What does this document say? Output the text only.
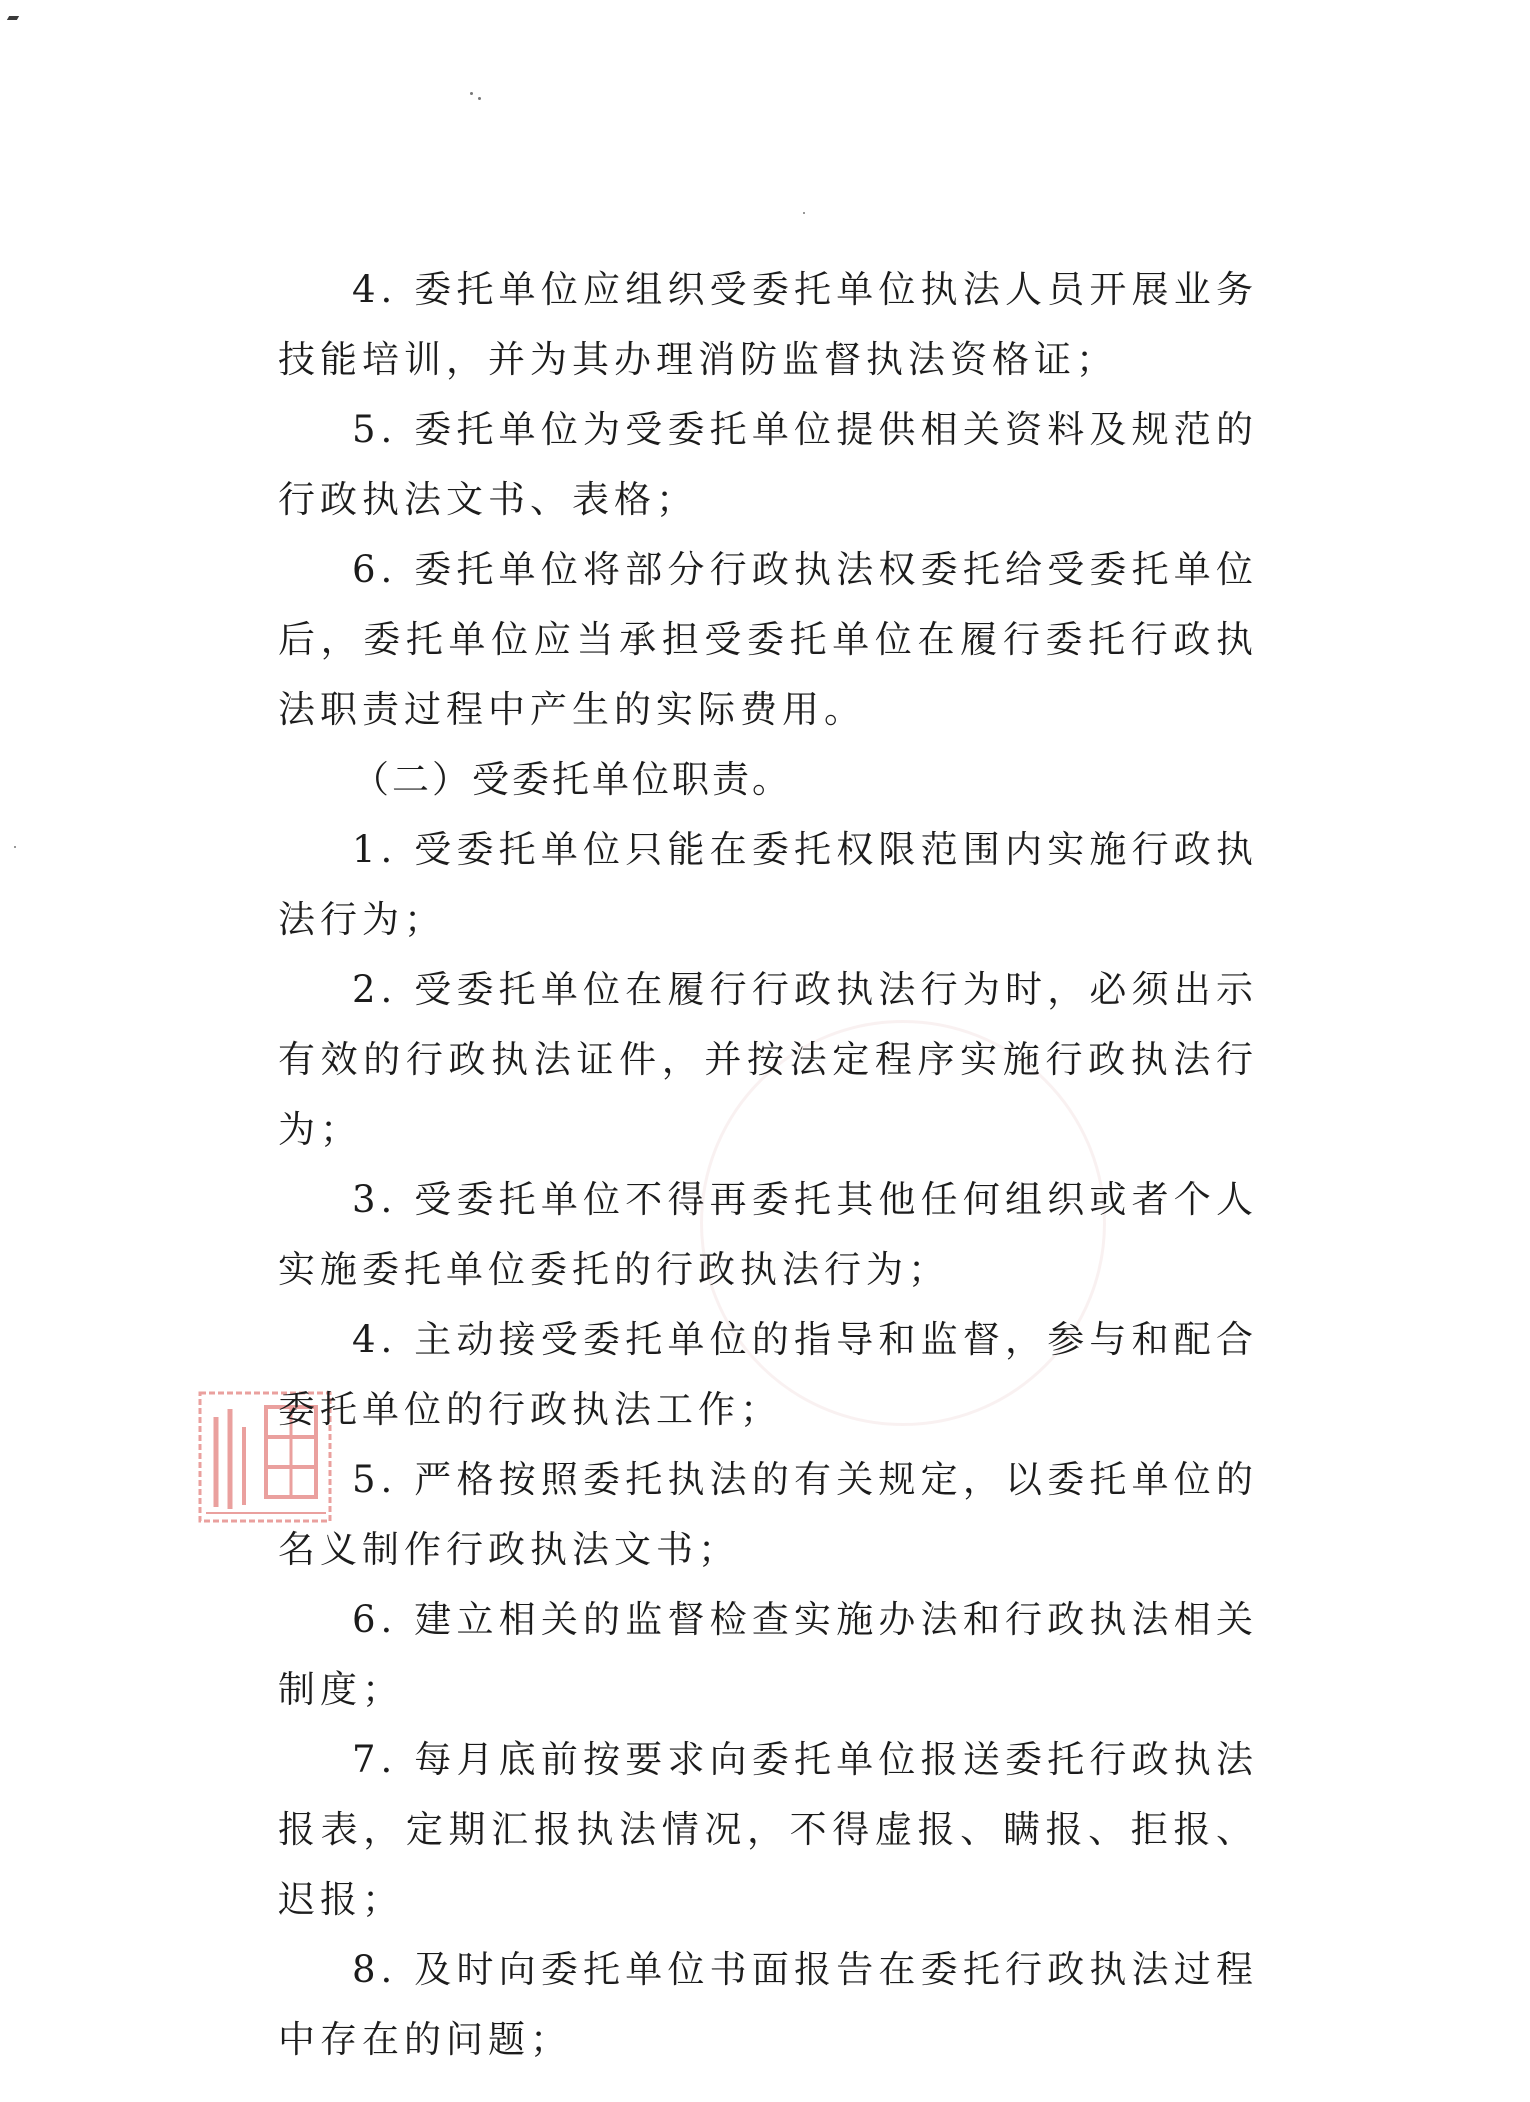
4. 委托单位应组织受委托单位执法人员开展业务技能培训，并为其办理消防监督执法资格证；

5. 委托单位为受委托单位提供相关资料及规范的行政执法文书、表格；

6. 委托单位将部分行政执法权委托给受委托单位后，委托单位应当承担受委托单位在履行委托行政执法职责过程中产生的实际费用。

（二）受委托单位职责。

1. 受委托单位只能在委托权限范围内实施行政执法行为；

2. 受委托单位在履行行政执法行为时，必须出示有效的行政执法证件，并按法定程序实施行政执法行为；

3. 受委托单位不得再委托其他任何组织或者个人实施委托单位委托的行政执法行为；

4. 主动接受委托单位的指导和监督，参与和配合委托单位的行政执法工作；

5. 严格按照委托执法的有关规定，以委托单位的名义制作行政执法文书；

6. 建立相关的监督检查实施办法和行政执法相关制度；

7. 每月底前按要求向委托单位报送委托行政执法报表，定期汇报执法情况，不得虚报、瞒报、拒报、迟报；

8. 及时向委托单位书面报告在委托行政执法过程中存在的问题；
